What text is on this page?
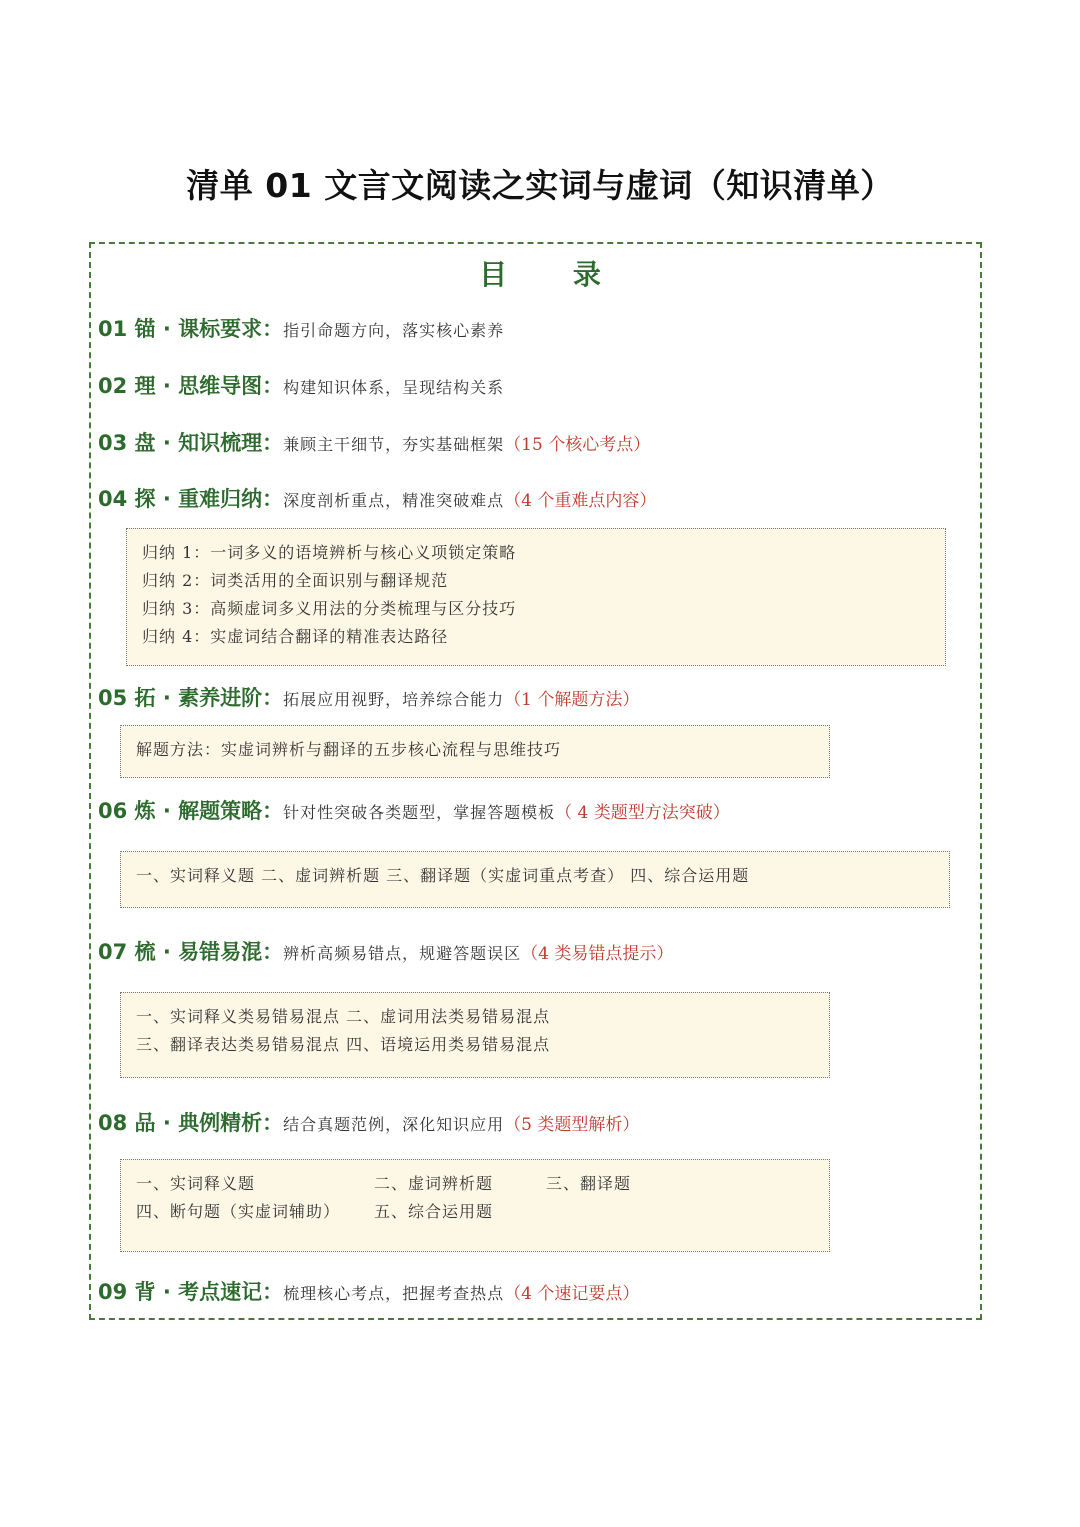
清单 01 文言文阅读之实词与虚词（知识清单）
目 录
01 锚 · 课标要求：指引命题方向，落实核心素养
02 理 · 思维导图：构建知识体系，呈现结构关系
03 盘 · 知识梳理：兼顾主干细节，夯实基础框架（15 个核心考点）
04 探 · 重难归纳：深度剖析重点，精准突破难点（4 个重难点内容）
归纳 1：一词多义的语境辨析与核心义项锁定策略
归纳 2：词类活用的全面识别与翻译规范
归纳 3：高频虚词多义用法的分类梳理与区分技巧
归纳 4：实虚词结合翻译的精准表达路径
05 拓 · 素养进阶：拓展应用视野，培养综合能力（1 个解题方法）
解题方法：实虚词辨析与翻译的五步核心流程与思维技巧
06 炼 · 解题策略：针对性突破各类题型，掌握答题模板（ 4 类题型方法突破）
一、实词释义题 二、虚词辨析题 三、翻译题（实虚词重点考查） 四、综合运用题
07 梳 · 易错易混：辨析高频易错点，规避答题误区（4 类易错点提示）
一、实词释义类易错易混点 二、虚词用法类易错易混点
三、翻译表达类易错易混点 四、语境运用类易错易混点
08 品 · 典例精析：结合真题范例，深化知识应用（5 类题型解析）
一、实词释义题	二、虚词辨析题	三、翻译题
四、断句题（实虚词辅助） 五、综合运用题
09 背 · 考点速记：梳理核心考点，把握考查热点（4 个速记要点）
